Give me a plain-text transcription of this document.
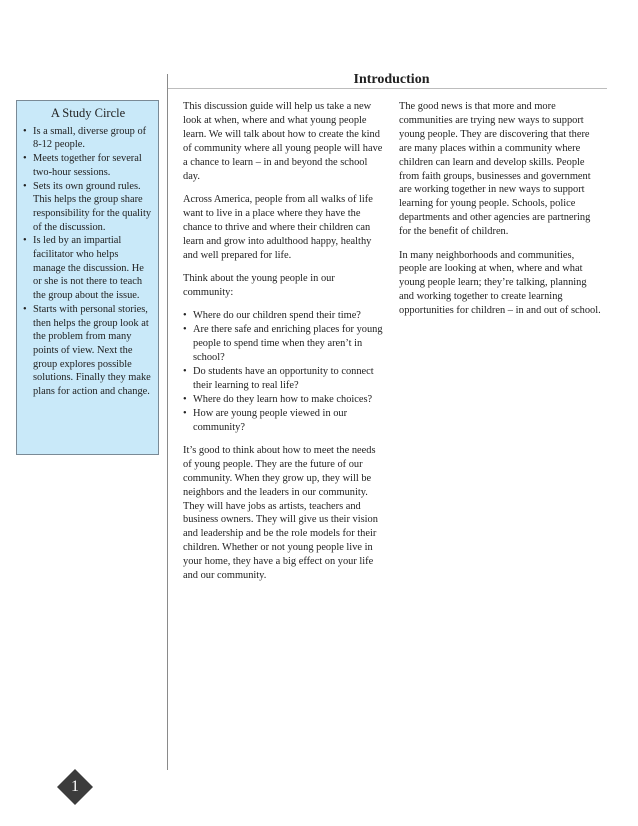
Introduction
A Study Circle
• Is a small, diverse group of 8-12 people.
• Meets together for several two-hour sessions.
• Sets its own ground rules. This helps the group share responsibility for the quality of the discussion.
• Is led by an impartial facilitator who helps manage the discussion. He or she is not there to teach the group about the issue.
• Starts with personal stories, then helps the group look at the problem from many points of view. Next the group explores possible solutions. Finally they make plans for action and change.

This discussion guide will help us take a new look at when, where and what young people learn. We will talk about how to create the kind of community where all young people will have a chance to learn – in and beyond the school day.

Across America, people from all walks of life want to live in a place where they have the chance to thrive and where their children can learn and grow into adulthood happy, healthy and well prepared for life.

Think about the young people in our community:

• Where do our children spend their time?
• Are there safe and enriching places for young people to spend time when they aren’t in school?
• Do students have an opportunity to connect their learning to real life?
• Where do they learn how to make choices?
• How are young people viewed in our community?

It’s good to think about how to meet the needs of young people. They are the future of our community. When they grow up, they will be neighbors and the leaders in our community. They will have jobs as artists, teachers and business owners. They will give us their vision and leadership and be the role models for their children. Whether or not young people live in your home, they have a big effect on your life and our community.

The good news is that more and more communities are trying new ways to support young people. They are discovering that there are many places within a community where children can learn and develop skills. People from faith groups, businesses and government are working together in new ways to support learning for young people. Schools, police departments and other agencies are partnering for the benefit of children.

In many neighborhoods and communities, people are looking at when, where and what young people learn; they’re talking, planning and working together to create learning opportunities for children – in and out of school.

1
